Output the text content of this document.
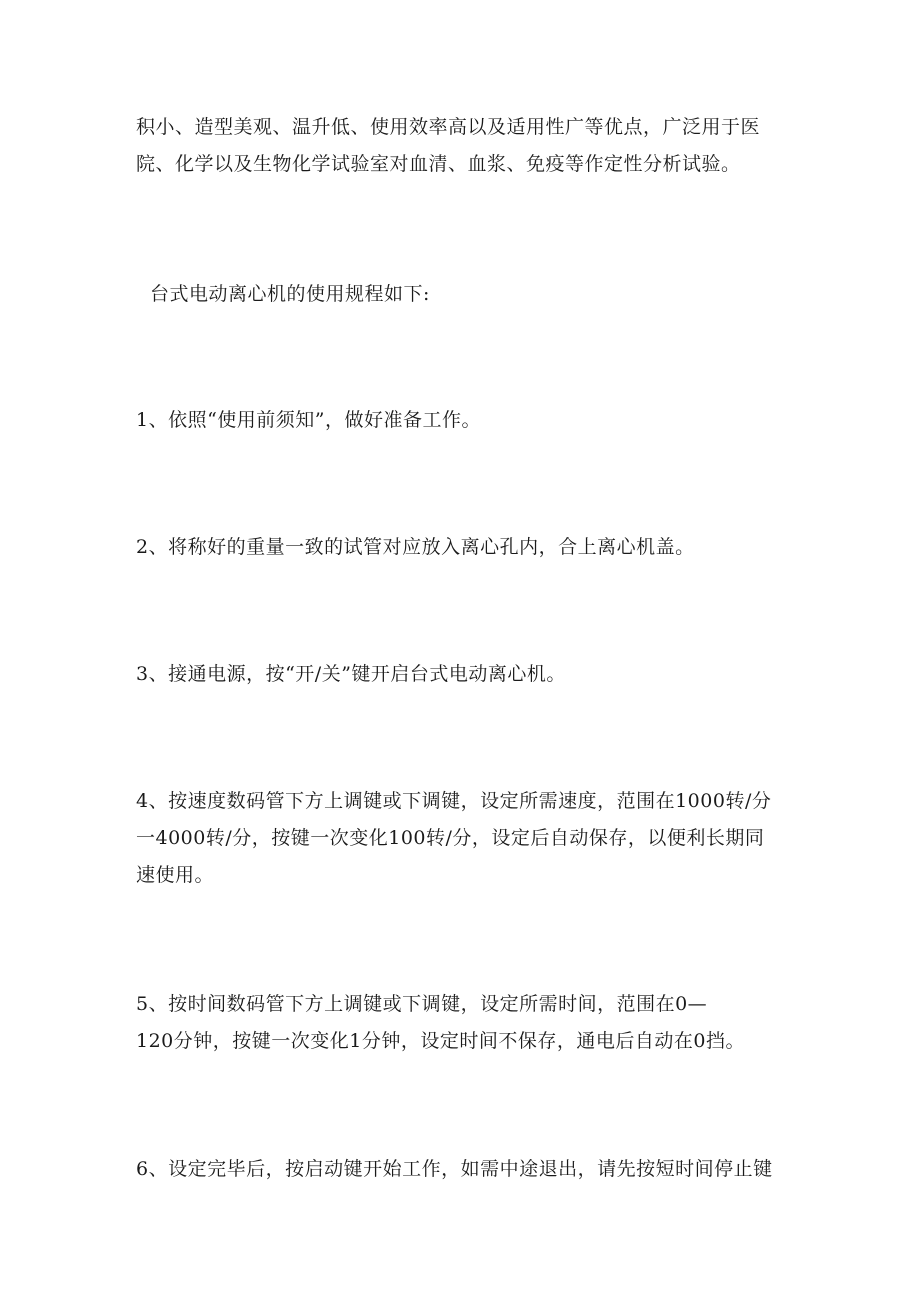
积小、造型美观、温升低、使用效率高以及适用性广等优点，广泛用于医
院、化学以及生物化学试验室对血清、血浆、免疫等作定性分析试验。
台式电动离心机的使用规程如下:
1、依照“使用前须知”，做好准备工作。
2、将称好的重量一致的试管对应放入离心孔内，合上离心机盖。
3、接通电源，按“开/关”键开启台式电动离心机。
4、按速度数码管下方上调键或下调键，设定所需速度，范围在1000转/分
一4000转/分，按键一次变化100转/分，设定后自动保存，以便利长期同
速使用。
5、按时间数码管下方上调键或下调键，设定所需时间，范围在0—
120分钟，按键一次变化1分钟，设定时间不保存，通电后自动在0挡。
6、设定完毕后，按启动键开始工作，如需中途退出，请先按短时间停止键
